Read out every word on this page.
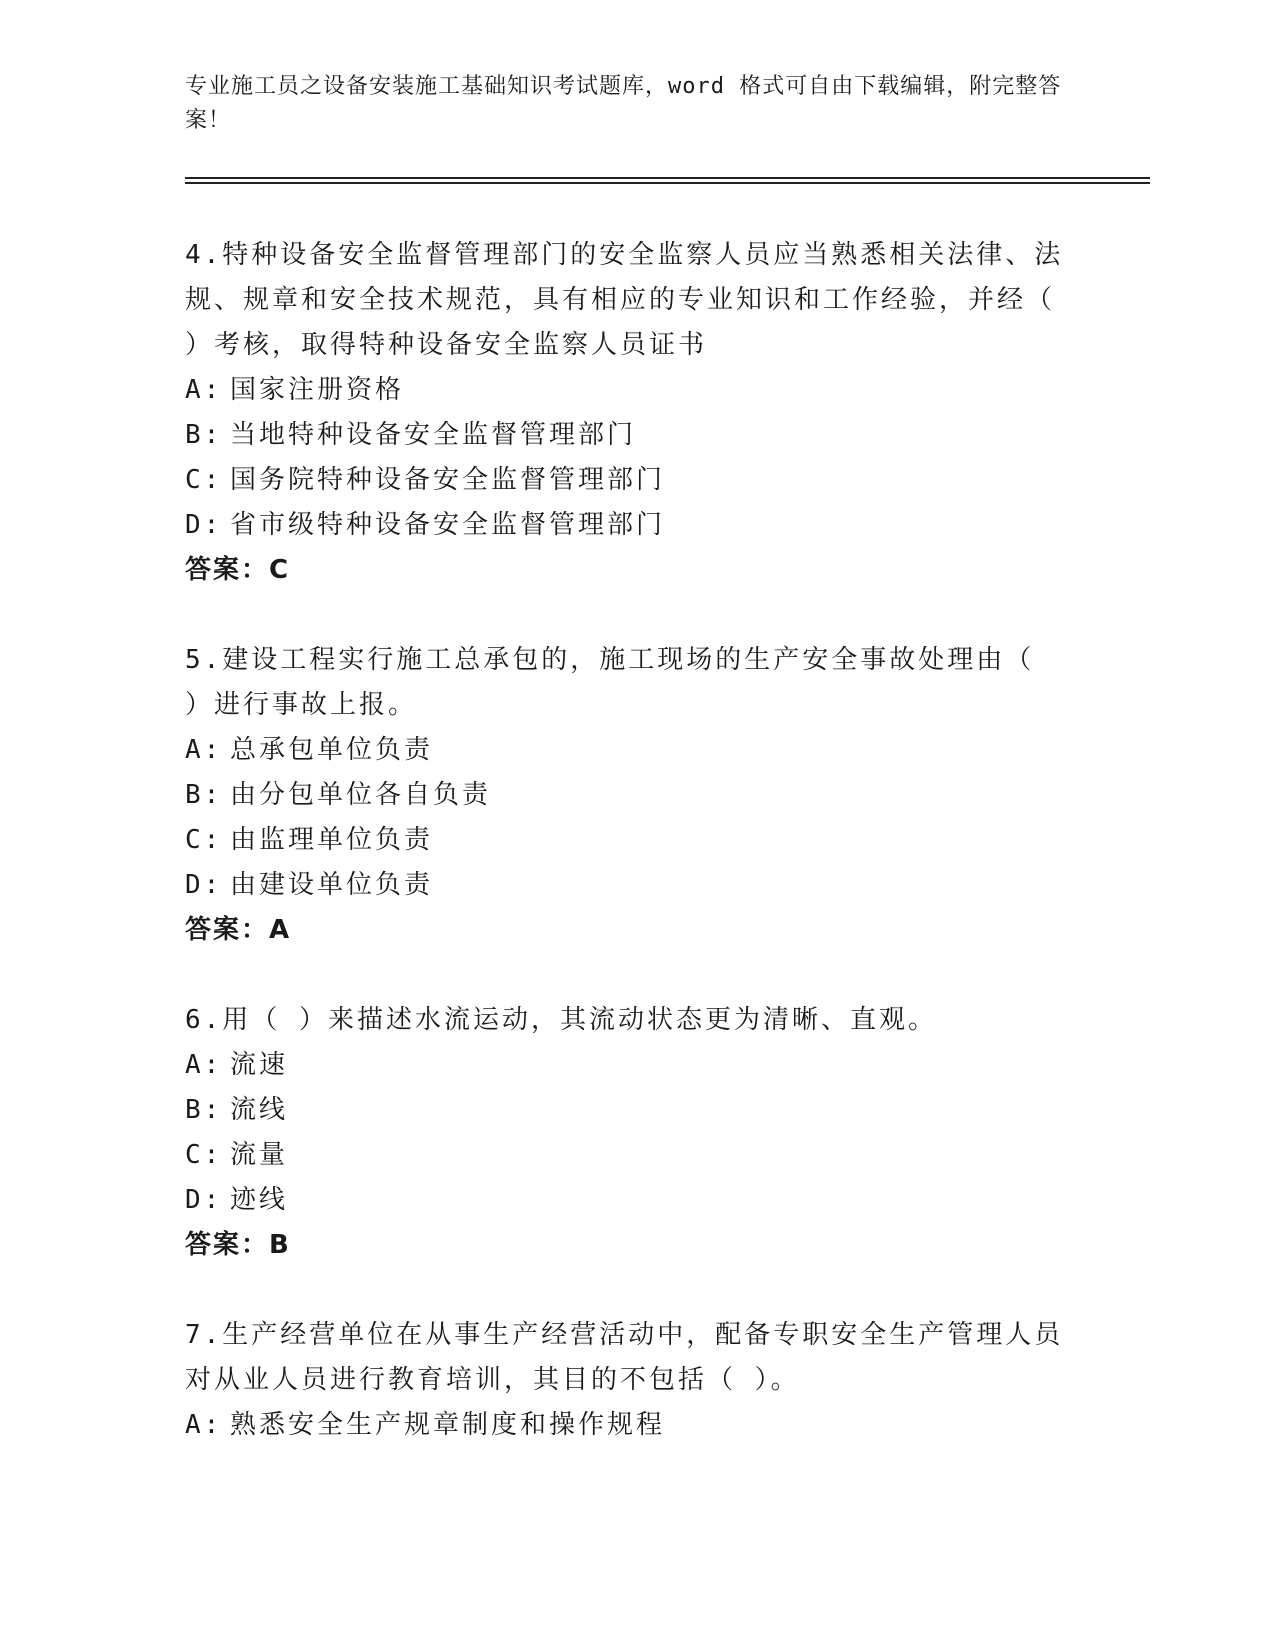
专业施工员之设备安装施工基础知识考试题库，word 格式可自由下载编辑，附完整答案！

4.特种设备安全监督管理部门的安全监察人员应当熟悉相关法律、法规、规章和安全技术规范，具有相应的专业知识和工作经验，并经（ ）考核，取得特种设备安全监察人员证书

A: 国家注册资格

B: 当地特种设备安全监督管理部门

C: 国务院特种设备安全监督管理部门

D: 省市级特种设备安全监督管理部门

答案：C

5.建设工程实行施工总承包的，施工现场的生产安全事故处理由（ ）进行事故上报。

A: 总承包单位负责

B: 由分包单位各自负责

C: 由监理单位负责

D: 由建设单位负责

答案：A

6.用（ ）来描述水流运动，其流动状态更为清晰、直观。

A: 流速

B: 流线

C: 流量

D: 迹线

答案：B

7.生产经营单位在从事生产经营活动中，配备专职安全生产管理人员对从业人员进行教育培训，其目的不包括（ ）。

A: 熟悉安全生产规章制度和操作规程
